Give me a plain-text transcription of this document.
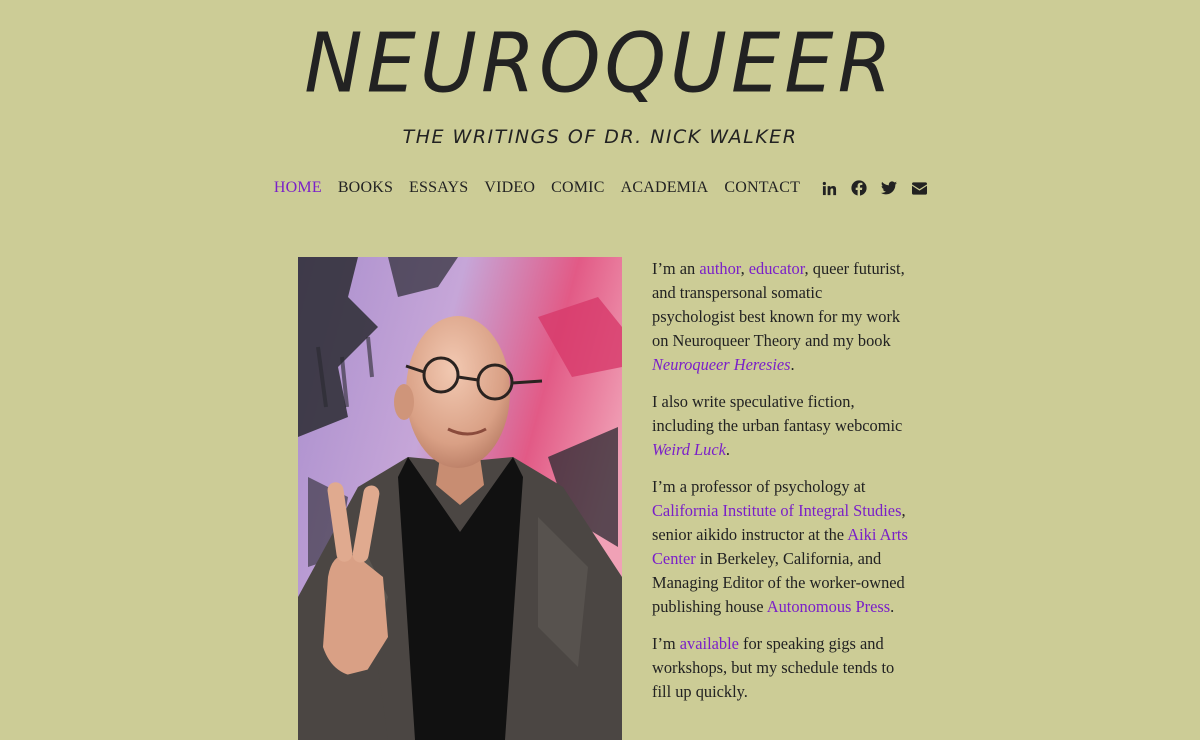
NEUROQUEER
THE WRITINGS OF DR. NICK WALKER
HOME BOOKS ESSAYS VIDEO COMIC ACADEMIA CONTACT

I’m an author, educator, queer futurist, and transpersonal somatic psychologist best known for my work on Neuroqueer Theory and my book Neuroqueer Heresies.

I also write speculative fiction, including the urban fantasy webcomic Weird Luck.

I’m a professor of psychology at California Institute of Integral Studies, senior aikido instructor at the Aiki Arts Center in Berkeley, California, and Managing Editor of the worker-owned publishing house Autonomous Press.

I’m available for speaking gigs and workshops, but my schedule tends to fill up quickly.
